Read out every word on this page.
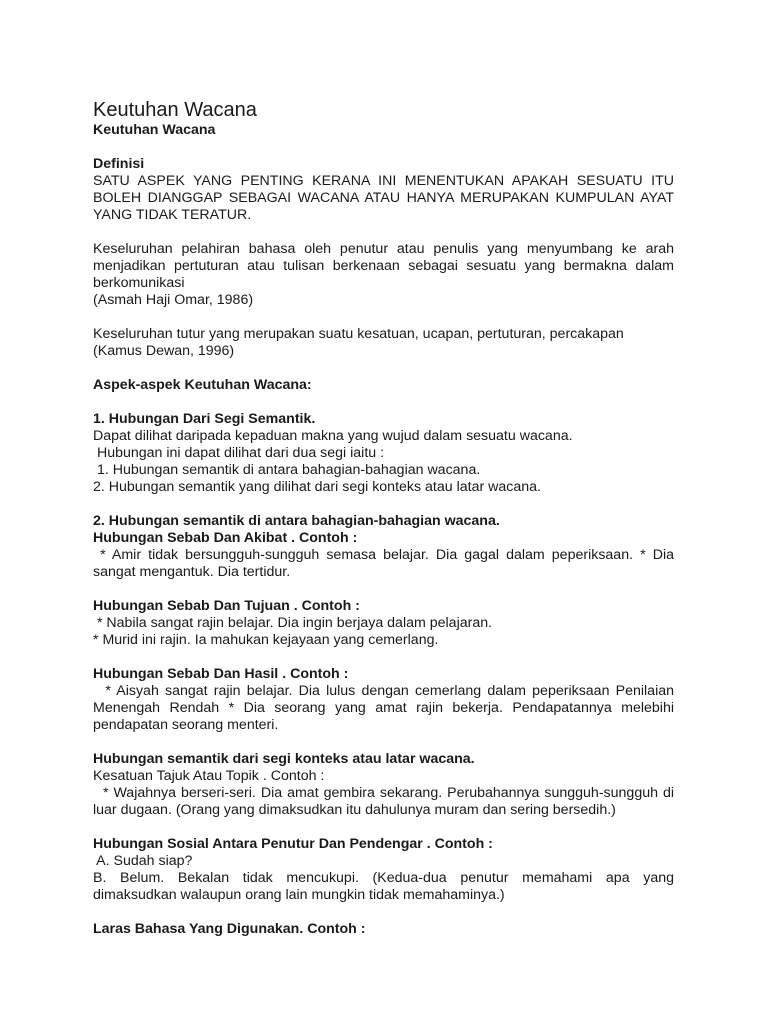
Keutuhan Wacana
Keutuhan Wacana
Definisi

SATU ASPEK YANG PENTING KERANA INI MENENTUKAN APAKAH SESUATU ITU BOLEH DIANGGAP SEBAGAI WACANA ATAU HANYA MERUPAKAN KUMPULAN AYAT YANG TIDAK TERATUR.

Keseluruhan pelahiran bahasa oleh penutur atau penulis yang menyumbang ke arah menjadikan pertuturan atau tulisan berkenaan sebagai sesuatu yang bermakna dalam berkomunikasi

(Asmah Haji Omar, 1986)

Keseluruhan tutur yang merupakan suatu kesatuan, ucapan, pertuturan, percakapan

(Kamus Dewan, 1996)
Aspek-aspek Keutuhan Wacana:
1. Hubungan Dari Segi Semantik.
Dapat dilihat daripada kepaduan makna yang wujud dalam sesuatu wacana.
Hubungan ini dapat dilihat dari dua segi iaitu :
1. Hubungan semantik di antara bahagian-bahagian wacana.
2. Hubungan semantik yang dilihat dari segi konteks atau latar wacana.
2. Hubungan semantik di antara bahagian-bahagian wacana.
Hubungan Sebab Dan Akibat . Contoh :

* Amir tidak bersungguh-sungguh semasa belajar. Dia gagal dalam peperiksaan. * Dia sangat mengantuk. Dia tertidur.

Hubungan Sebab Dan Tujuan . Contoh :
* Nabila sangat rajin belajar. Dia ingin berjaya dalam pelajaran.
* Murid ini rajin. Ia mahukan kejayaan yang cemerlang.
Hubungan Sebab Dan Hasil . Contoh :

* Aisyah sangat rajin belajar. Dia lulus dengan cemerlang dalam peperiksaan Penilaian Menengah Rendah * Dia seorang yang amat rajin bekerja. Pendapatannya melebihi pendapatan seorang menteri.

Hubungan semantik dari segi konteks atau latar wacana.
Kesatuan Tajuk Atau Topik . Contoh :

* Wajahnya berseri-seri. Dia amat gembira sekarang. Perubahannya sungguh-sungguh di luar dugaan. (Orang yang dimaksudkan itu dahulunya muram dan sering bersedih.)

Hubungan Sosial Antara Penutur Dan Pendengar . Contoh :
A. Sudah siap?

B. Belum. Bekalan tidak mencukupi. (Kedua-dua penutur memahami apa yang dimaksudkan walaupun orang lain mungkin tidak memahaminya.)

Laras Bahasa Yang Digunakan. Contoh :
